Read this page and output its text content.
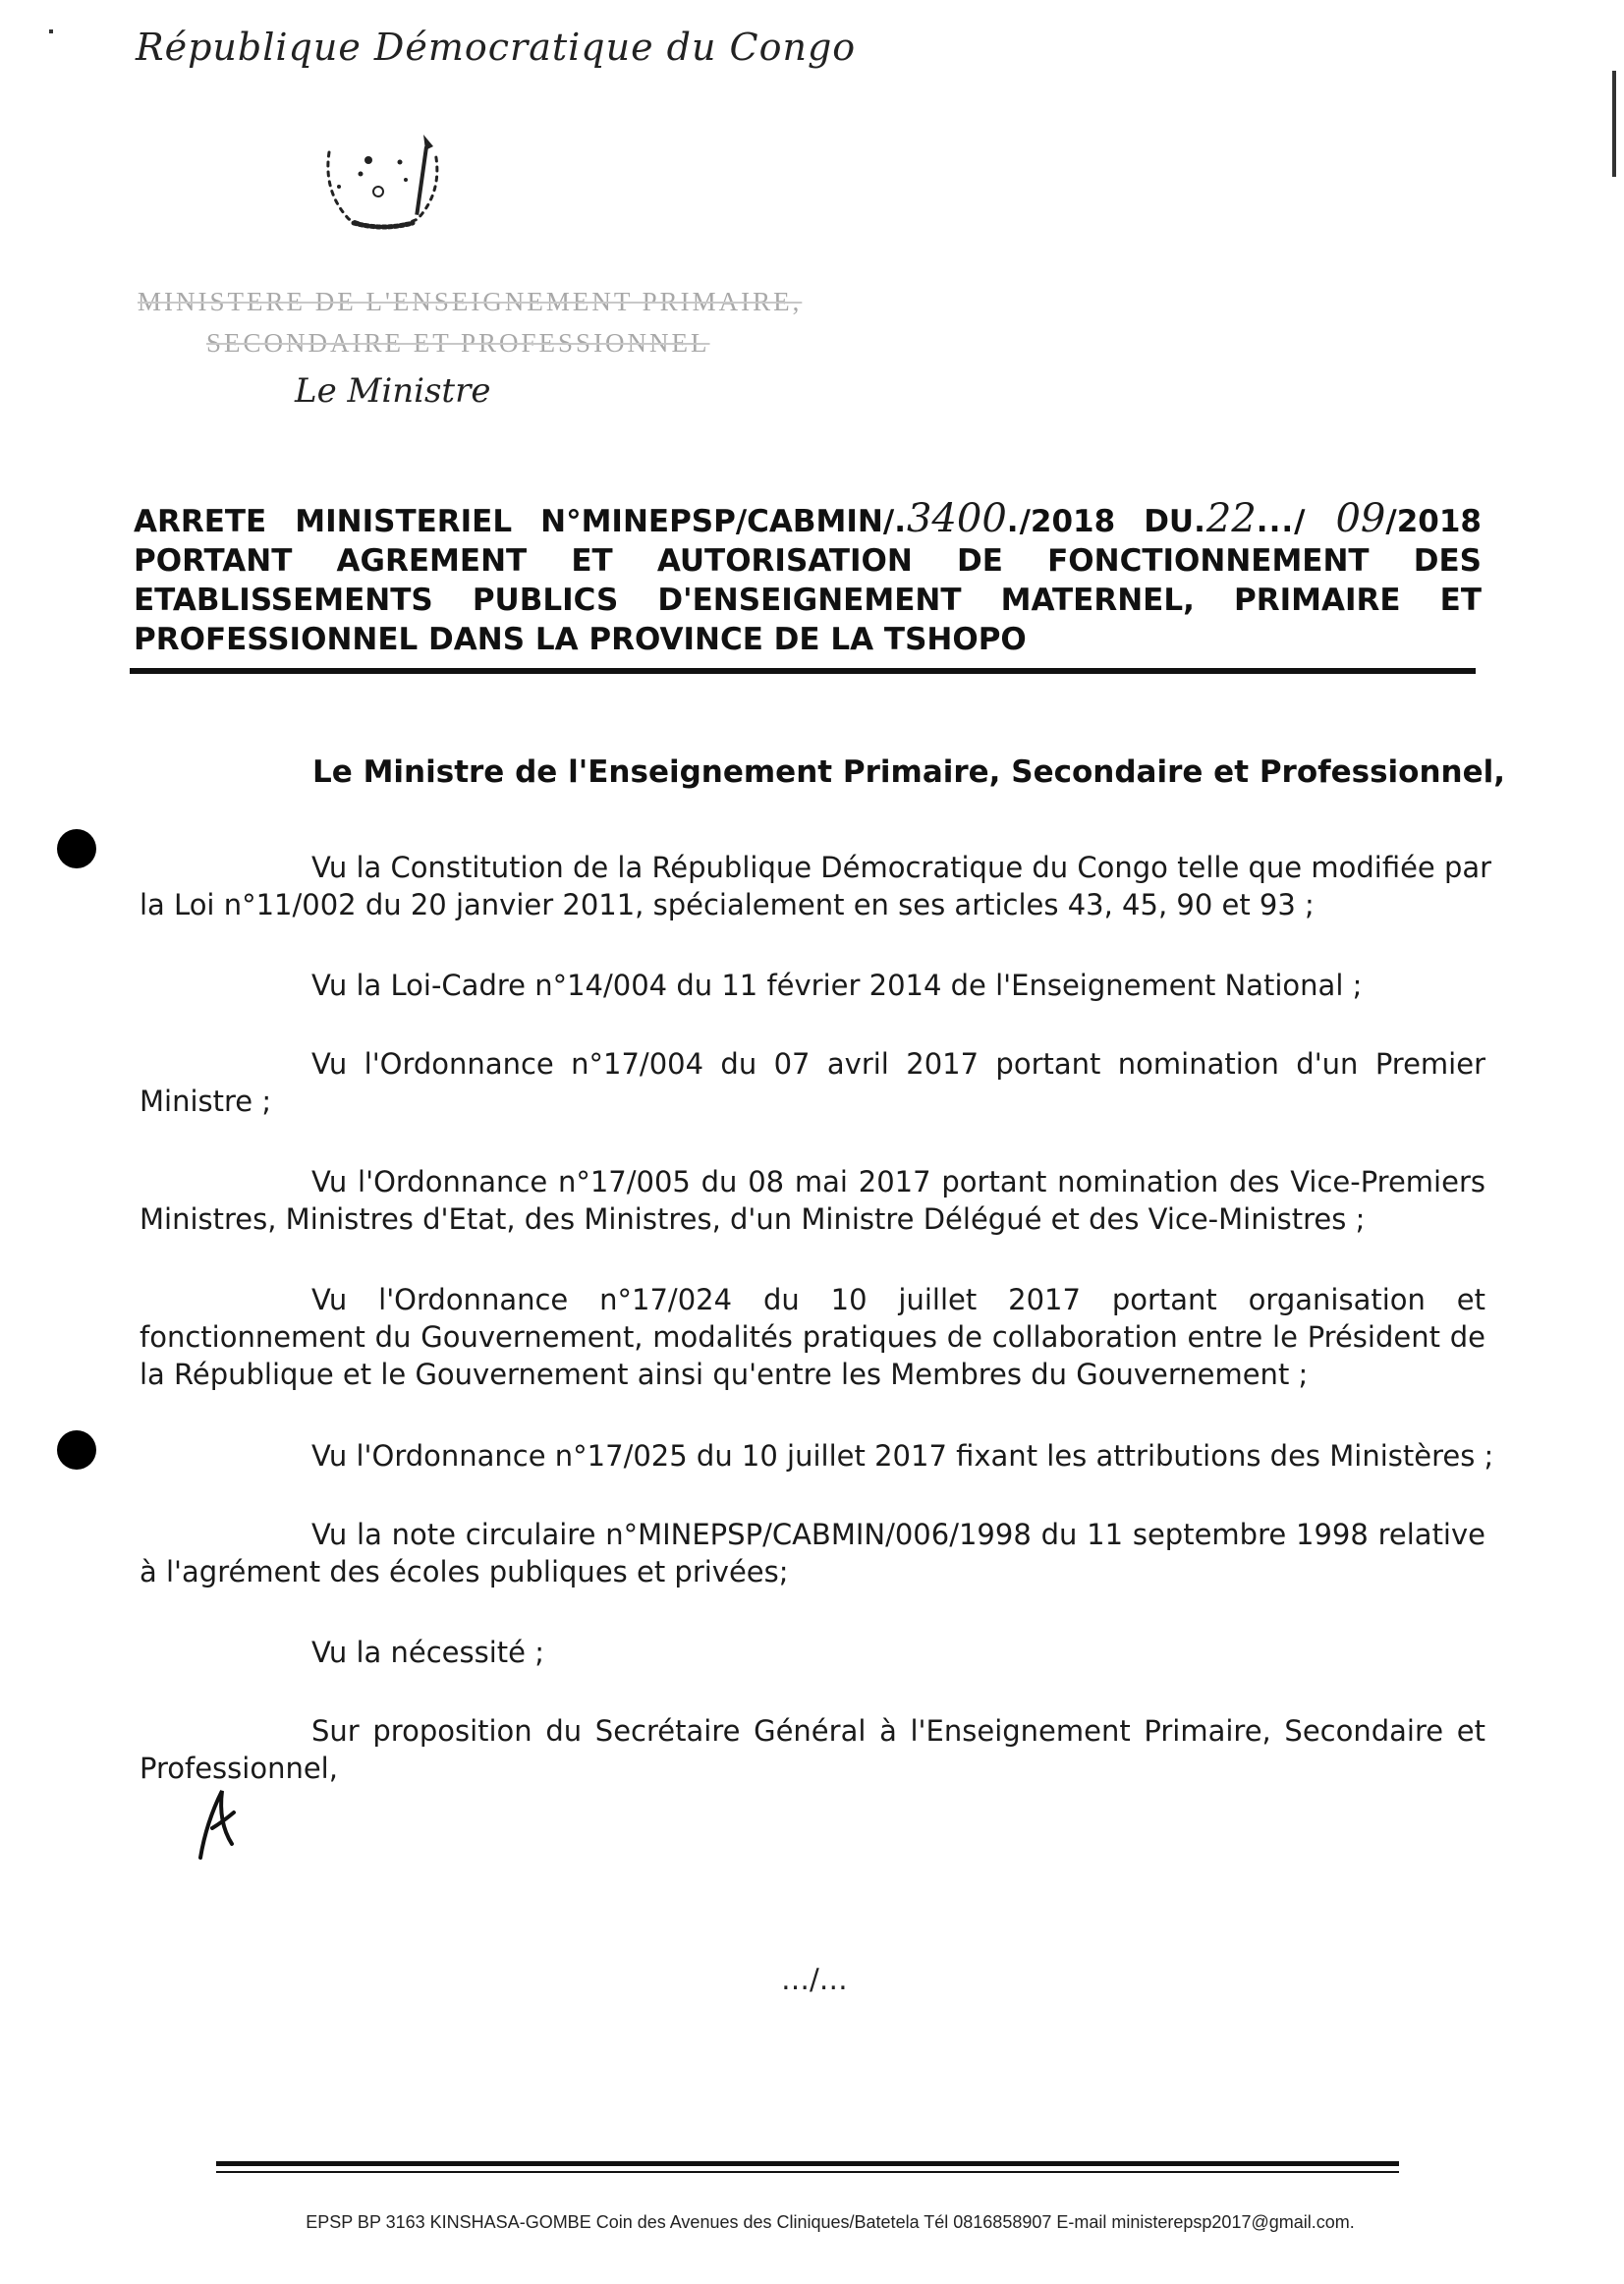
République Démocratique du Congo
MINISTERE DE L'ENSEIGNEMENT PRIMAIRE,
SECONDAIRE ET PROFESSIONNEL
Le Ministre
ARRETE MINISTERIEL N°MINEPSP/CABMIN/.3400./2018 DU.22.../ 09/2018
PORTANT AGREMENT ET AUTORISATION DE FONCTIONNEMENT DES
ETABLISSEMENTS PUBLICS D'ENSEIGNEMENT MATERNEL, PRIMAIRE ET
PROFESSIONNEL DANS LA PROVINCE DE LA TSHOPO
Le Ministre de l'Enseignement Primaire, Secondaire et Professionnel,
Vu la Constitution de la République Démocratique du Congo telle que modifiée par
la Loi n°11/002 du 20 janvier 2011, spécialement en ses articles 43, 45, 90 et 93 ;
Vu la Loi-Cadre n°14/004 du 11 février 2014 de l'Enseignement National ;
Vu l'Ordonnance n°17/004 du 07 avril 2017 portant nomination d'un Premier
Ministre ;
Vu l'Ordonnance n°17/005 du 08 mai 2017 portant nomination des Vice-Premiers
Ministres, Ministres d'Etat, des Ministres, d'un Ministre Délégué et des Vice-Ministres ;
Vu l'Ordonnance n°17/024 du 10 juillet 2017 portant organisation et
fonctionnement du Gouvernement, modalités pratiques de collaboration entre le Président de
la République et le Gouvernement ainsi qu'entre les Membres du Gouvernement ;
Vu l'Ordonnance n°17/025 du 10 juillet 2017 fixant les attributions des Ministères ;
Vu la note circulaire n°MINEPSP/CABMIN/006/1998 du 11 septembre 1998 relative
à l'agrément des écoles publiques et privées;
Vu la nécessité ;
Sur proposition du Secrétaire Général à l'Enseignement Primaire, Secondaire et
Professionnel,
…/…
EPSP BP 3163 KINSHASA-GOMBE Coin des Avenues des Cliniques/Batetela Tél 0816858907 E-mail ministerepsp2017@gmail.com.
